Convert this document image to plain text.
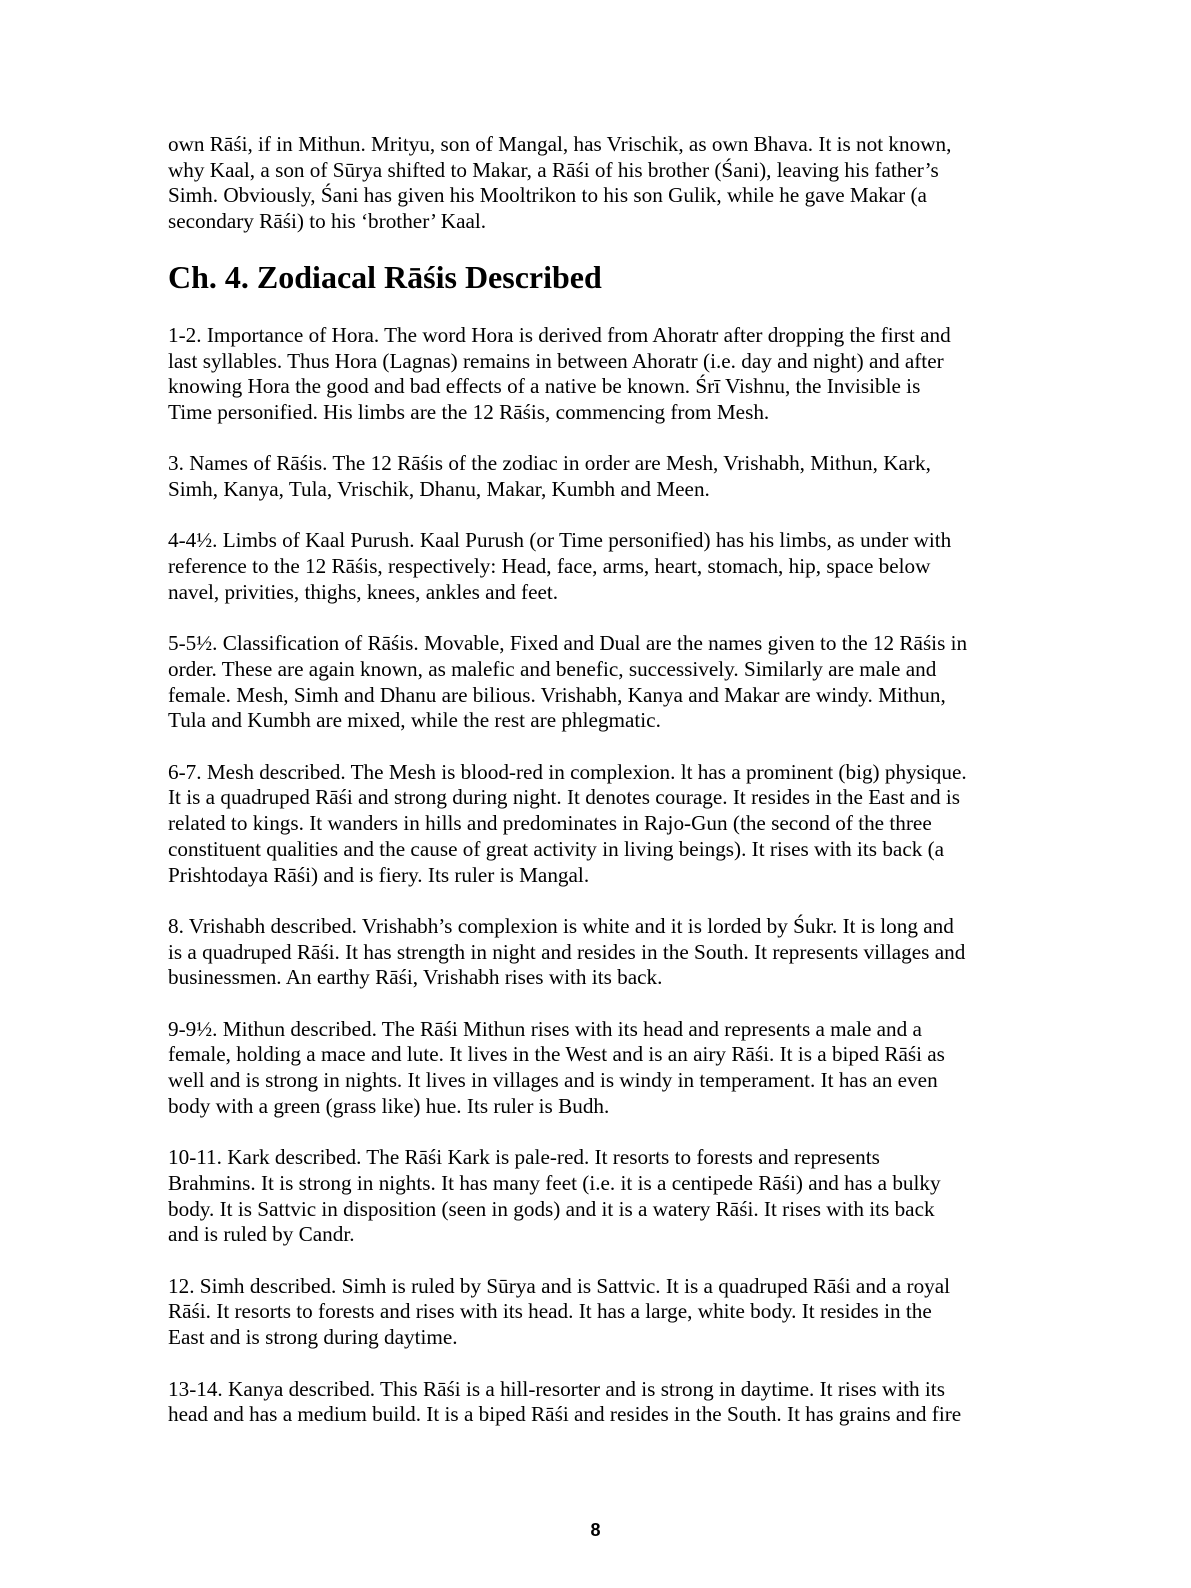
own Rāśi, if in Mithun. Mrityu, son of Mangal, has Vrischik, as own Bhava. It is not known,
why Kaal, a son of Sūrya shifted to Makar, a Rāśi of his brother (Śani), leaving his father’s
Simh. Obviously, Śani has given his Mooltrikon to his son Gulik, while he gave Makar (a
secondary Rāśi) to his ‘brother’ Kaal.

Ch. 4. Zodiacal Rāśis Described

1-2. Importance of Hora. The word Hora is derived from Ahoratr after dropping the first and
last syllables. Thus Hora (Lagnas) remains in between Ahoratr (i.e. day and night) and after
knowing Hora the good and bad effects of a native be known. Śrī Vishnu, the Invisible is
Time personified. His limbs are the 12 Rāśis, commencing from Mesh.

3. Names of Rāśis. The 12 Rāśis of the zodiac in order are Mesh, Vrishabh, Mithun, Kark,
Simh, Kanya, Tula, Vrischik, Dhanu, Makar, Kumbh and Meen.

4-4½. Limbs of Kaal Purush. Kaal Purush (or Time personified) has his limbs, as under with
reference to the 12 Rāśis, respectively: Head, face, arms, heart, stomach, hip, space below
navel, privities, thighs, knees, ankles and feet.

5-5½. Classification of Rāśis. Movable, Fixed and Dual are the names given to the 12 Rāśis in
order. These are again known, as malefic and benefic, successively. Similarly are male and
female. Mesh, Simh and Dhanu are bilious. Vrishabh, Kanya and Makar are windy. Mithun,
Tula and Kumbh are mixed, while the rest are phlegmatic.

6-7. Mesh described. The Mesh is blood-red in complexion. lt has a prominent (big) physique.
It is a quadruped Rāśi and strong during night. It denotes courage. It resides in the East and is
related to kings. It wanders in hills and predominates in Rajo-Gun (the second of the three
constituent qualities and the cause of great activity in living beings). It rises with its back (a
Prishtodaya Rāśi) and is fiery. Its ruler is Mangal.

8. Vrishabh described. Vrishabh’s complexion is white and it is lorded by Śukr. It is long and
is a quadruped Rāśi. It has strength in night and resides in the South. It represents villages and
businessmen. An earthy Rāśi, Vrishabh rises with its back.

9-9½. Mithun described. The Rāśi Mithun rises with its head and represents a male and a
female, holding a mace and lute. It lives in the West and is an airy Rāśi. It is a biped Rāśi as
well and is strong in nights. It lives in villages and is windy in temperament. It has an even
body with a green (grass like) hue. Its ruler is Budh.

10-11. Kark described. The Rāśi Kark is pale-red. It resorts to forests and represents
Brahmins. It is strong in nights. It has many feet (i.e. it is a centipede Rāśi) and has a bulky
body. It is Sattvic in disposition (seen in gods) and it is a watery Rāśi. It rises with its back
and is ruled by Candr.

12. Simh described. Simh is ruled by Sūrya and is Sattvic. It is a quadruped Rāśi and a royal
Rāśi. It resorts to forests and rises with its head. It has a large, white body. It resides in the
East and is strong during daytime.

13-14. Kanya described. This Rāśi is a hill-resorter and is strong in daytime. It rises with its
head and has a medium build. It is a biped Rāśi and resides in the South. It has grains and fire

8
